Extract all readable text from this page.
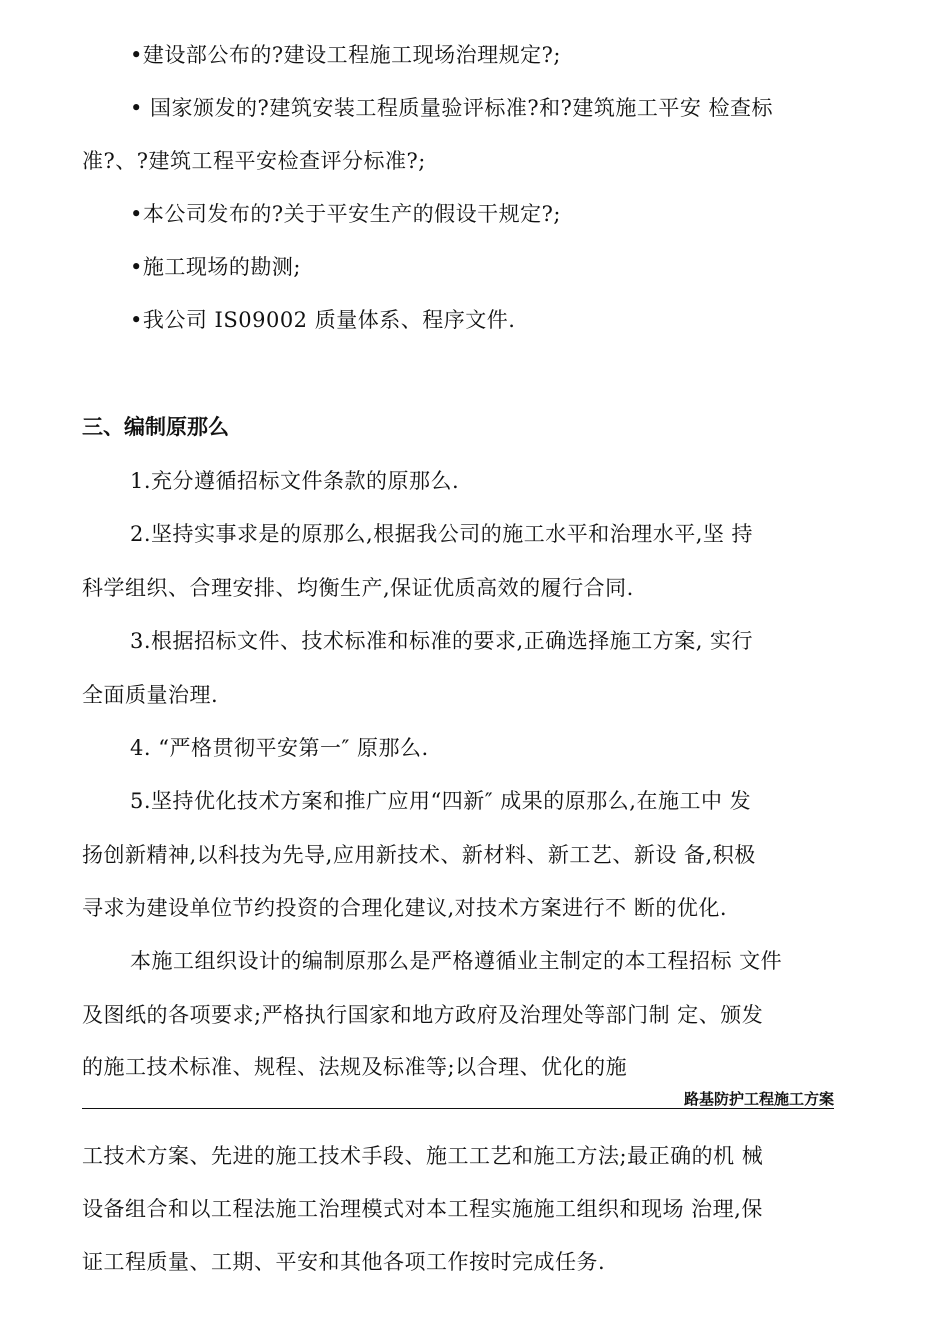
•建设部公布的?建设工程施工现场治理规定?;
• 国家颁发的?建筑安装工程质量验评标准?和?建筑施工平安 检查标
准?、?建筑工程平安检查评分标准?;
•本公司发布的?关于平安生产的假设干规定?;
•施工现场的勘测;
•我公司 IS09002 质量体系、程序文件.
三、编制原那么
1.充分遵循招标文件条款的原那么.
2.坚持实事求是的原那么,根据我公司的施工水平和治理水平,坚 持
科学组织、合理安排、均衡生产,保证优质高效的履行合同.
3.根据招标文件、技术标准和标准的要求,正确选择施工方案, 实行
全面质量治理.
4. “严格贯彻平安第一″ 原那么.
5.坚持优化技术方案和推广应用“四新″ 成果的原那么,在施工中 发
扬创新精神,以科技为先导,应用新技术、新材料、新工艺、新设 备,积极
寻求为建设单位节约投资的合理化建议,对技术方案进行不 断的优化.
本施工组织设计的编制原那么是严格遵循业主制定的本工程招标 文件
及图纸的各项要求;严格执行国家和地方政府及治理处等部门制 定、颁发
的施工技术标准、规程、法规及标准等;以合理、优化的施
路基防护工程施工方案
工技术方案、先进的施工技术手段、施工工艺和施工方法;最正确的机 械
设备组合和以工程法施工治理模式对本工程实施施工组织和现场 治理,保
证工程质量、工期、平安和其他各项工作按时完成任务.
